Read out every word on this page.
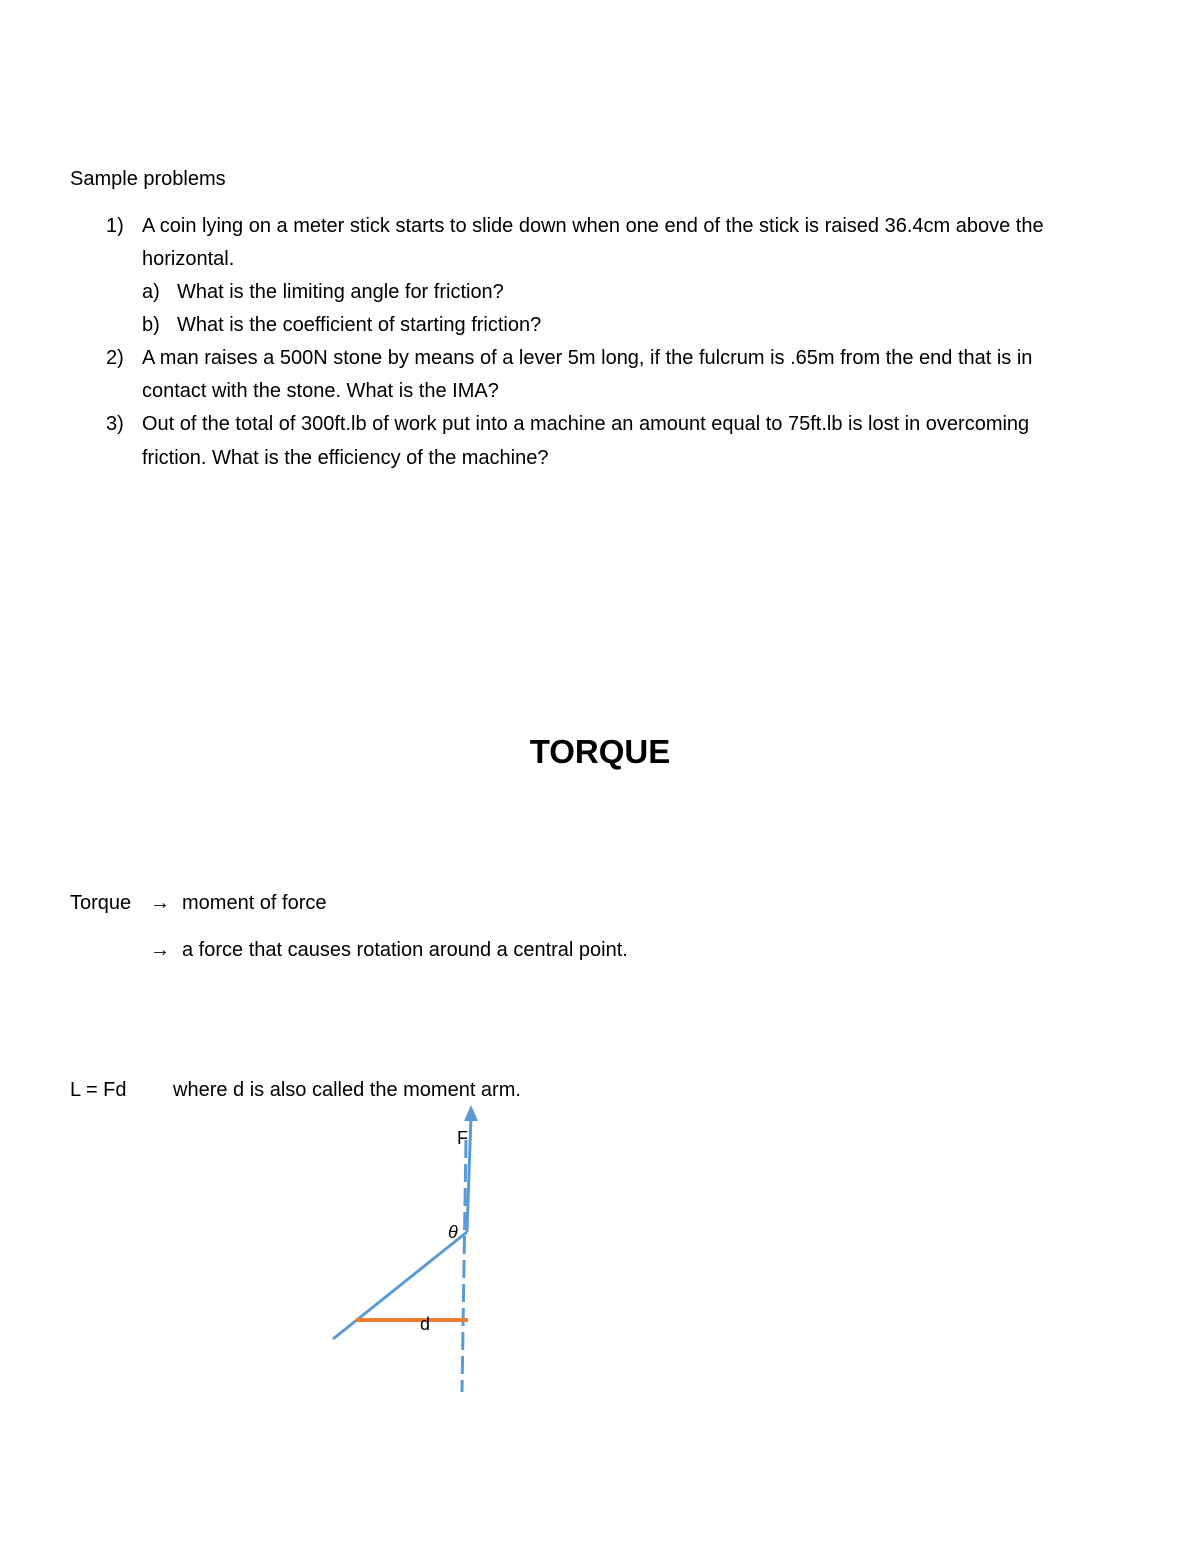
Sample problems
1) A coin lying on a meter stick starts to slide down when one end of the stick is raised 36.4cm above the
horizontal.
a) What is the limiting angle for friction?
b) What is the coefficient of starting friction?
2) A man raises a 500N stone by means of a lever 5m long, if the fulcrum is .65m from the end that is in
contact with the stone. What is the IMA?
3) Out of the total of 300ft.lb of work put into a machine an amount equal to 75ft.lb is lost in overcoming
friction. What is the efficiency of the machine?
TORQUE
Torque → moment of force
→ a force that causes rotation around a central point.
L = Fd where d is also called the moment arm.
F
θ
d
